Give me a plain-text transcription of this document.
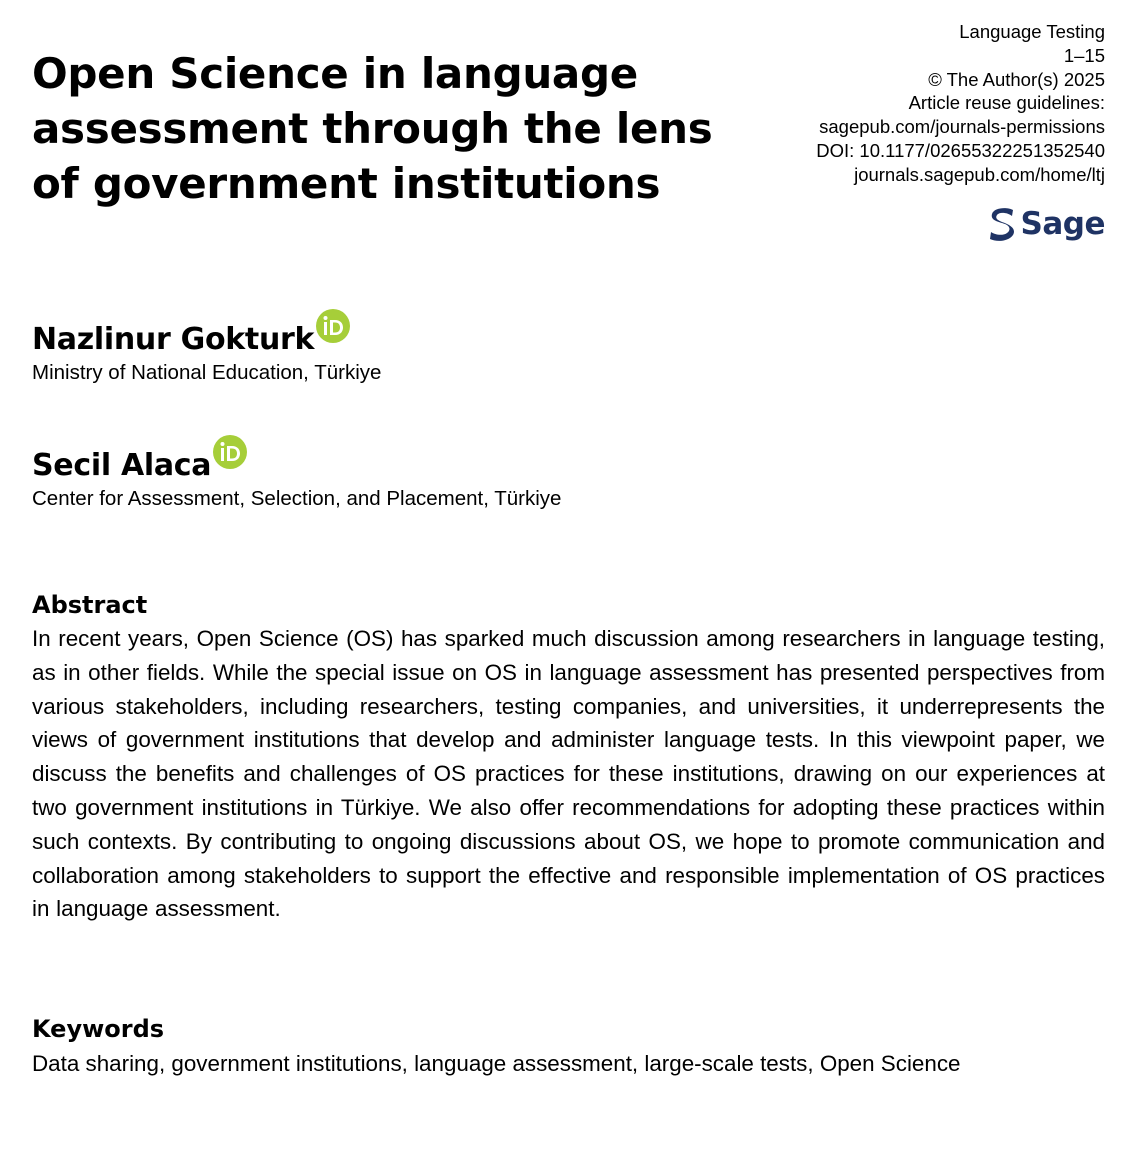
Open Science in language
assessment through the lens
of government institutions
Language Testing
1–15
© The Author(s) 2025
Article reuse guidelines:
sagepub.com/journals-permissions
DOI: 10.1177/02655322251352540
journals.sagepub.com/home/ltj
Sage
Nazlinur Gokturk
Ministry of National Education, Türkiye
Secil Alaca
Center for Assessment, Selection, and Placement, Türkiye
Abstract

In recent years, Open Science (OS) has sparked much discussion among researchers in language testing, as in other fields. While the special issue on OS in language assessment has presented perspectives from various stakeholders, including researchers, testing companies, and universities, it underrepresents the views of government institutions that develop and administer language tests. In this viewpoint paper, we discuss the benefits and challenges of OS practices for these institutions, drawing on our experiences at two government institutions in Türkiye. We also offer recommendations for adopting these practices within such contexts. By contributing to ongoing discussions about OS, we hope to promote communication and collaboration among stakeholders to support the effective and responsible implementation of OS practices in language assessment.

Keywords

Data sharing, government institutions, language assessment, large-scale tests, Open Science
